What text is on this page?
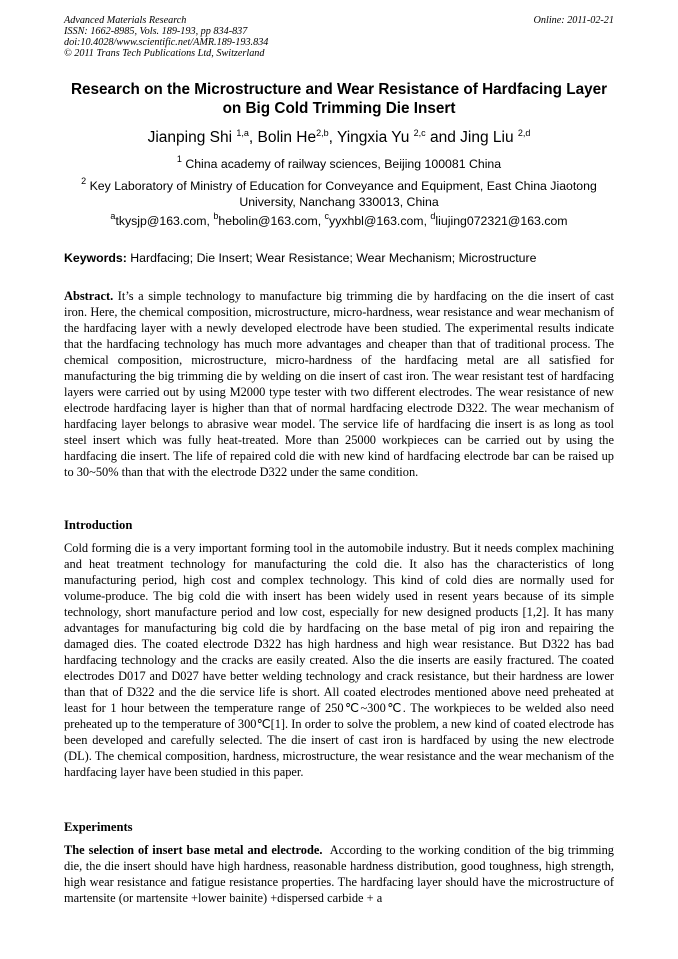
Advanced Materials Research
ISSN: 1662-8985, Vols. 189-193, pp 834-837
doi:10.4028/www.scientific.net/AMR.189-193.834
© 2011 Trans Tech Publications Ltd, Switzerland
Online: 2011-02-21
Research on the Microstructure and Wear Resistance of Hardfacing Layer on Big Cold Trimming Die Insert
Jianping Shi $^{1,a}$, Bolin He$^{2,b}$, Yingxia Yu $^{2,c}$ and Jing Liu $^{2,d}$
$^1$ China academy of railway sciences, Beijing 100081 China
$^2$ Key Laboratory of Ministry of Education for Conveyance and Equipment, East China Jiaotong University, Nanchang 330013, China
$^a$tkysjp@163.com, $^b$hebolin@163.com, $^c$yyxhbl@163.com, $^d$liujing072321@163.com
Keywords: Hardfacing; Die Insert; Wear Resistance; Wear Mechanism; Microstructure
Abstract. It’s a simple technology to manufacture big trimming die by hardfacing on the die insert of cast iron. Here, the chemical composition, microstructure, micro-hardness, wear resistance and wear mechanism of the hardfacing layer with a newly developed electrode have been studied. The experimental results indicate that the hardfacing technology has much more advantages and cheaper than that of traditional process. The chemical composition, microstructure, micro-hardness of the hardfacing metal are all satisfied for manufacturing the big trimming die by welding on die insert of cast iron. The wear resistant test of hardfacing layers were carried out by using M2000 type tester with two different electrodes. The wear resistance of new electrode hardfacing layer is higher than that of normal hardfacing electrode D322. The wear mechanism of hardfacing layer belongs to abrasive wear model. The service life of hardfacing die insert is as long as tool steel insert which was fully heat-treated. More than 25000 workpieces can be carried out by using the hardfacing die insert. The life of repaired cold die with new kind of hardfacing electrode bar can be raised up to 30~50% than that with the electrode D322 under the same condition.
Introduction
Cold forming die is a very important forming tool in the automobile industry. But it needs complex machining and heat treatment technology for manufacturing the cold die. It also has the characteristics of long manufacturing period, high cost and complex technology. This kind of cold dies are normally used for volume-produce. The big cold die with insert has been widely used in resent years because of its simple technology, short manufacture period and low cost, especially for new designed products [1,2]. It has many advantages for manufacturing big cold die by hardfacing on the base metal of pig iron and repairing the damaged dies. The coated electrode D322 has high hardness and high wear resistance. But D322 has bad hardfacing technology and the cracks are easily created. Also the die inserts are easily fractured. The coated electrodes D017 and D027 have better welding technology and crack resistance, but their hardness are lower than that of D322 and the die service life is short. All coated electrodes mentioned above need preheated at least for 1 hour between the temperature range of 250℃~300℃. The workpieces to be welded also need preheated up to the temperature of 300℃[1]. In order to solve the problem, a new kind of coated electrode has been developed and carefully selected. The die insert of cast iron is hardfaced by using the new electrode (DL). The chemical composition, hardness, microstructure, the wear resistance and the wear mechanism of the hardfacing layer have been studied in this paper.
Experiments
The selection of insert base metal and electrode. According to the working condition of the big trimming die, the die insert should have high hardness, reasonable hardness distribution, good toughness, high strength, high wear resistance and fatigue resistance properties. The hardfacing layer should have the microstructure of martensite (or martensite +lower bainite) +dispersed carbide + a
